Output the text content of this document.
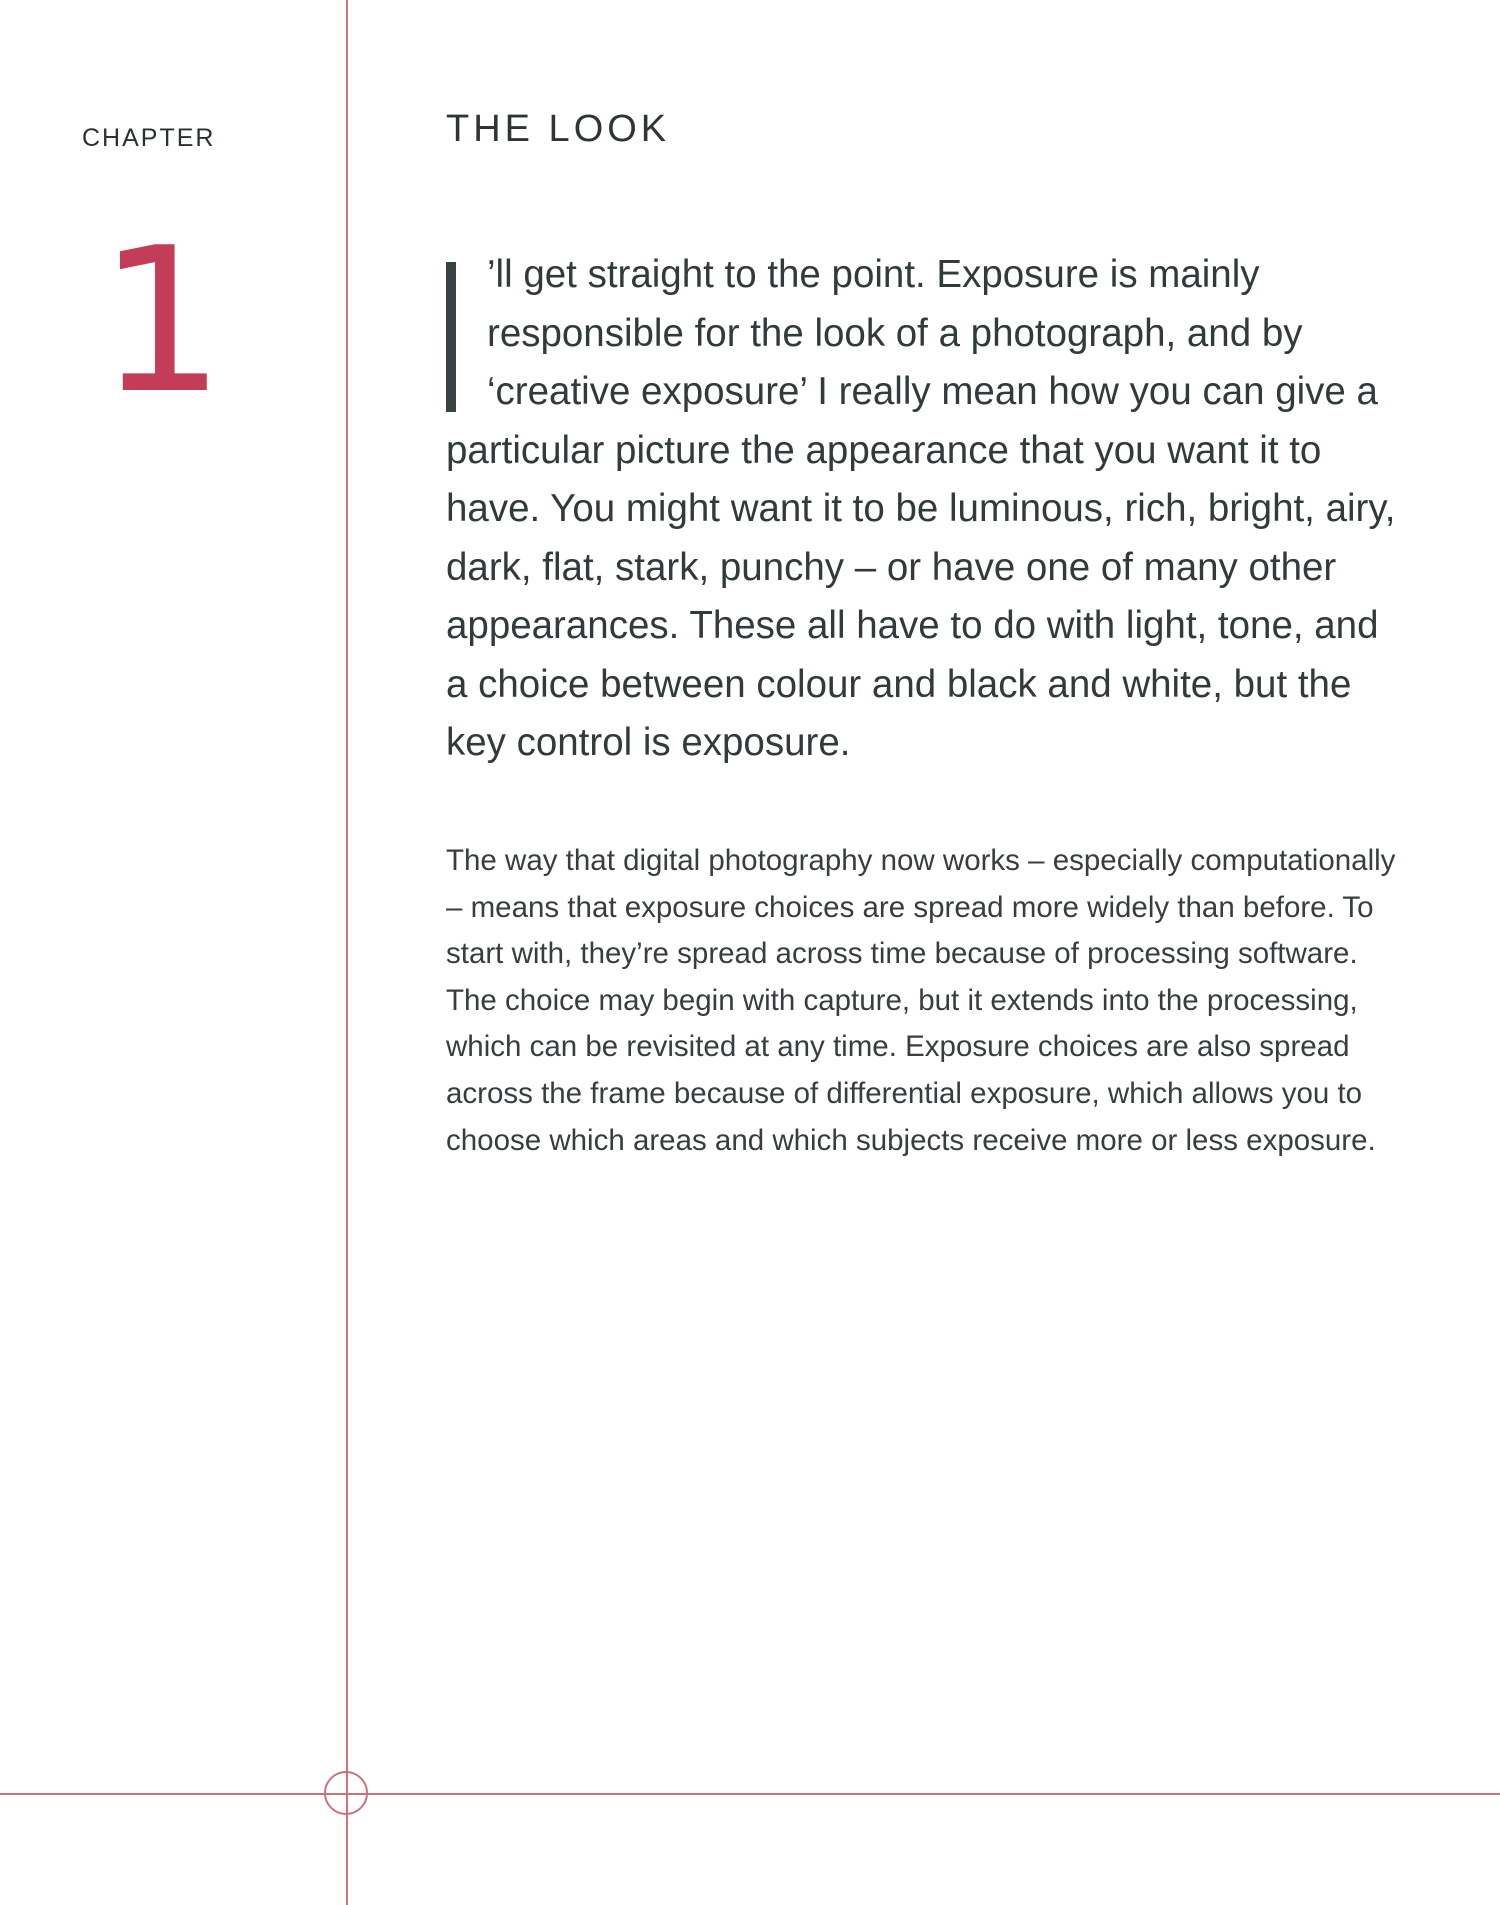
CHAPTER
1
THE LOOK

’ll get straight to the point. Exposure is mainly responsible for the look of a photograph, and by ‘creative exposure’ I really mean how you can give a particular picture the appearance that you want it to have. You might want it to be luminous, rich, bright, airy, dark, flat, stark, punchy – or have one of many other appearances. These all have to do with light, tone, and a choice between colour and black and white, but the key control is exposure.

The way that digital photography now works – especially computationally – means that exposure choices are spread more widely than before. To start with, they’re spread across time because of processing software. The choice may begin with capture, but it extends into the processing, which can be revisited at any time. Exposure choices are also spread across the frame because of differential exposure, which allows you to choose which areas and which subjects receive more or less exposure.
